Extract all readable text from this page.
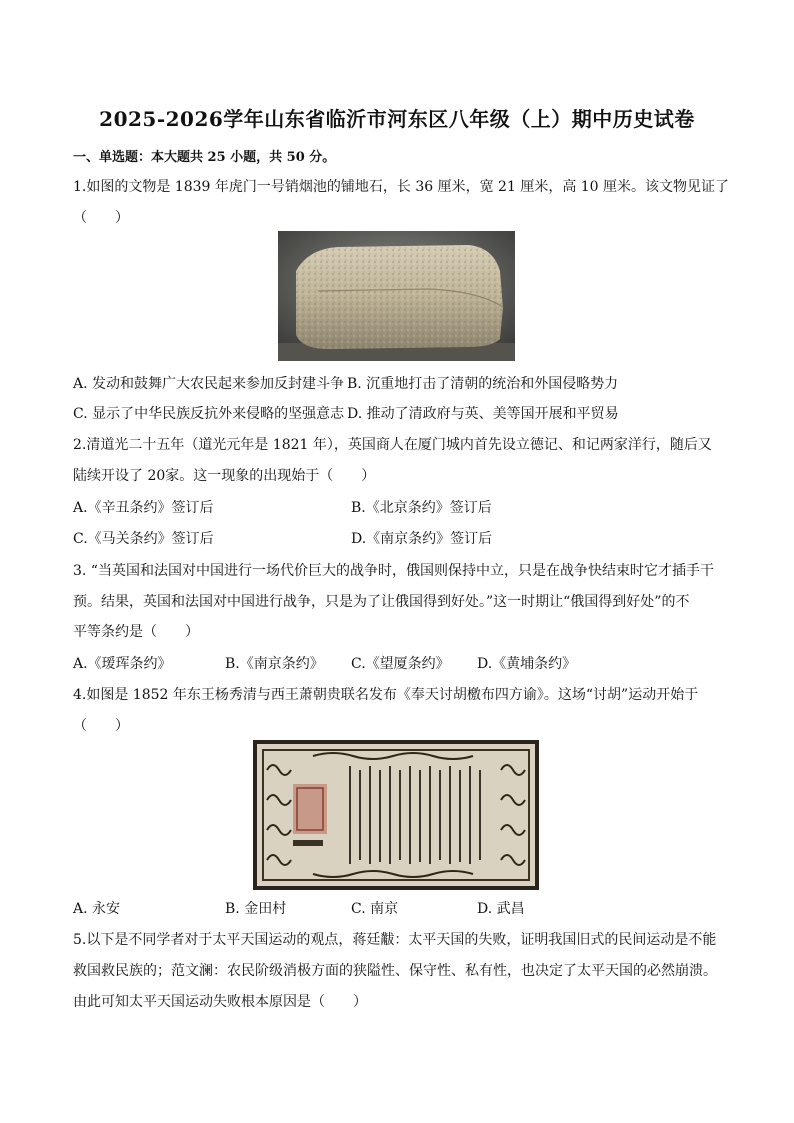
2025-2026学年山东省临沂市河东区八年级（上）期中历史试卷
一、单选题：本大题共 25 小题，共 50 分。
1.如图的文物是 1839 年虎门一号销烟池的铺地石，长 36 厘米，宽 21 厘米，高 10 厘米。该文物见证了
（　　）
A. 发动和鼓舞广大农民起来参加反封建斗争 B. 沉重地打击了清朝的统治和外国侵略势力
C. 显示了中华民族反抗外来侵略的坚强意志 D. 推动了清政府与英、美等国开展和平贸易
2.清道光二十五年（道光元年是 1821 年），英国商人在厦门城内首先设立德记、和记两家洋行，随后又
陆续开设了 20家。这一现象的出现始于（　　）
A.《辛丑条约》签订后	B.《北京条约》签订后
C.《马关条约》签订后	D.《南京条约》签订后
3. “当英国和法国对中国进行一场代价巨大的战争时，俄国则保持中立，只是在战争快结束时它才插手干
预。结果，英国和法国对中国进行战争，只是为了让俄国得到好处。”这一时期让“俄国得到好处”的不
平等条约是（　　）
A.《瑷珲条约》	B.《南京条约》 C.《望厦条约》 D.《黄埔条约》
4.如图是 1852 年东王杨秀清与西王萧朝贵联名发布《奉天讨胡檄布四方谕》。这场“讨胡”运动开始于
（　　）
A. 永安	B. 金田村	C. 南京	D. 武昌
5.以下是不同学者对于太平天国运动的观点，蒋廷黻：太平天国的失败，证明我国旧式的民间运动是不能
救国救民族的；范文澜：农民阶级消极方面的狭隘性、保守性、私有性，也决定了太平天国的必然崩溃。
由此可知太平天国运动失败根本原因是（　　）
